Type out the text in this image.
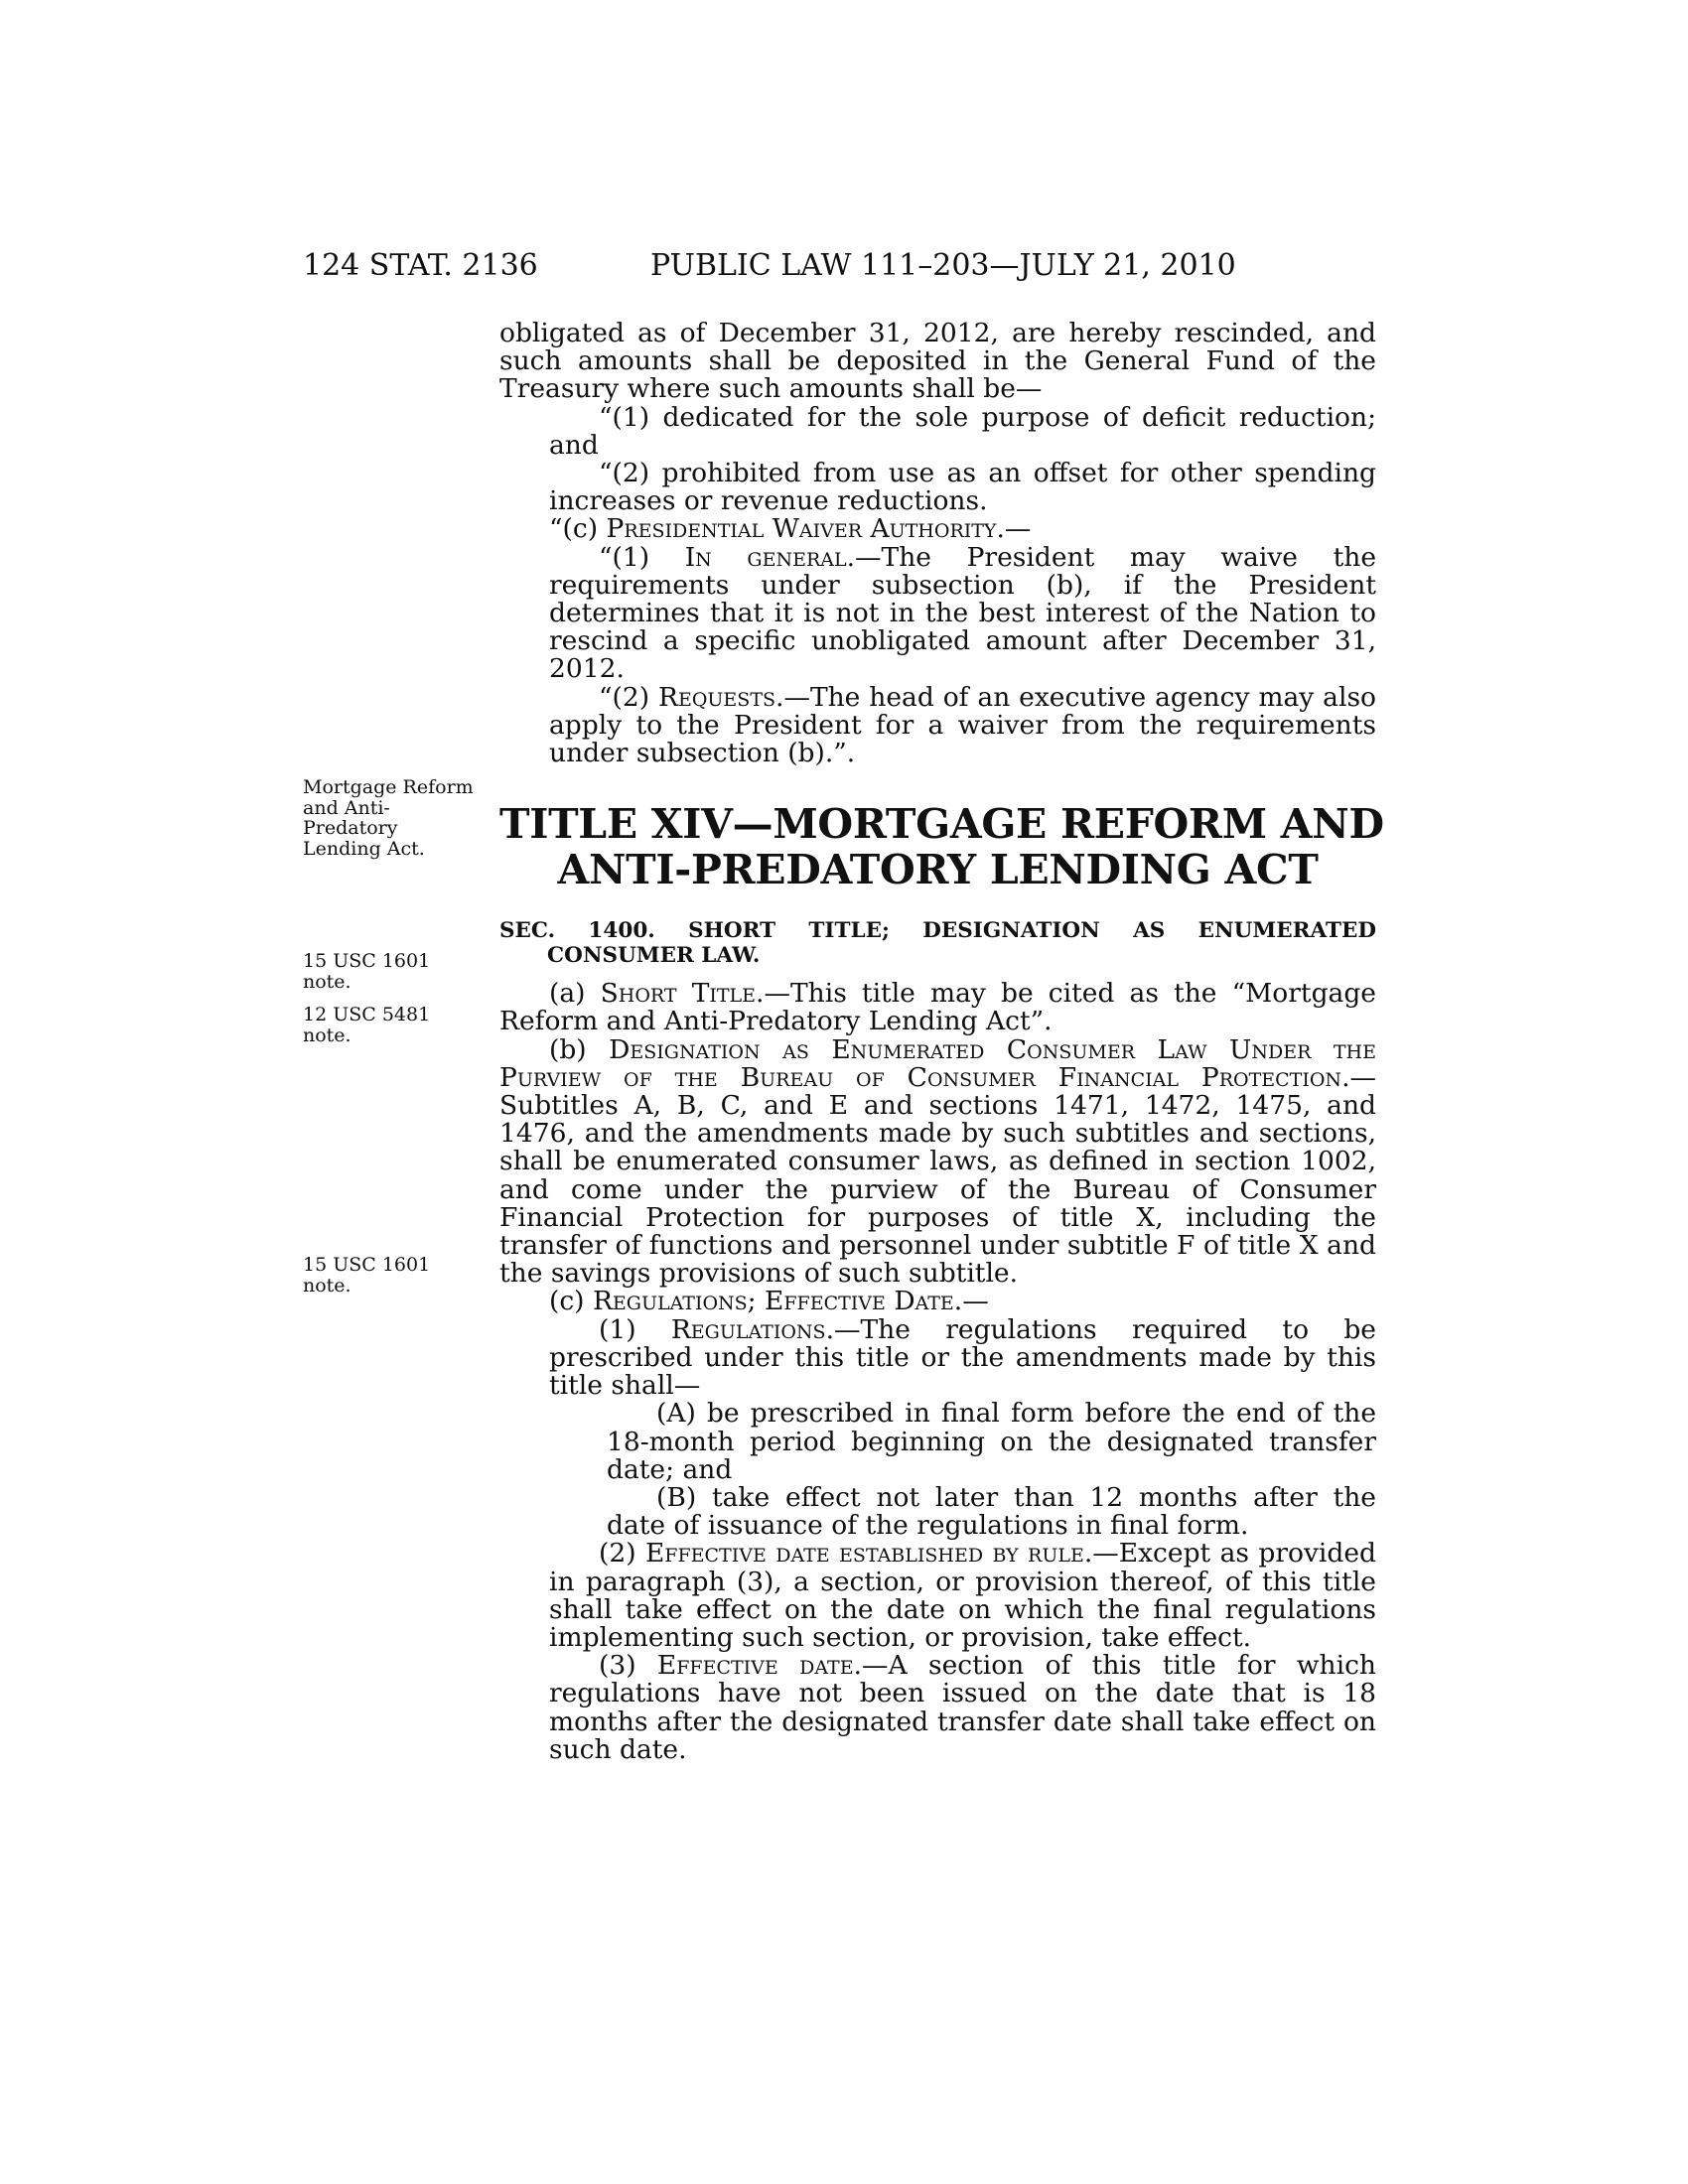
124 STAT. 2136	PUBLIC LAW 111–203—JULY 21, 2010
Mortgage Reform and Anti-Predatory Lending Act.
15 USC 1601 note.
12 USC 5481 note.
15 USC 1601 note.

obligated as of December 31, 2012, are hereby rescinded, and such amounts shall be deposited in the General Fund of the Treasury where such amounts shall be—

“(1) dedicated for the sole purpose of deficit reduction; and

“(2) prohibited from use as an offset for other spending increases or revenue reductions.

“(c) Presidential Waiver Authority.—

“(1) In general.—The President may waive the requirements under subsection (b), if the President determines that it is not in the best interest of the Nation to rescind a specific unobligated amount after December 31, 2012.

“(2) Requests.—The head of an executive agency may also apply to the President for a waiver from the requirements under subsection (b).”.

TITLE XIV—MORTGAGE REFORM AND
ANTI-PREDATORY LENDING ACT
SEC. 1400. SHORT TITLE; DESIGNATION AS ENUMERATED CONSUMER LAW.

(a) Short Title.—This title may be cited as the “Mortgage Reform and Anti-Predatory Lending Act”.

(b) Designation as Enumerated Consumer Law Under the Purview of the Bureau of Consumer Financial Protection.— Subtitles A, B, C, and E and sections 1471, 1472, 1475, and 1476, and the amendments made by such subtitles and sections, shall be enumerated consumer laws, as defined in section 1002, and come under the purview of the Bureau of Consumer Financial Protection for purposes of title X, including the transfer of functions and personnel under subtitle F of title X and the savings provisions of such subtitle.

(c) Regulations; Effective Date.—

(1) Regulations.—The regulations required to be prescribed under this title or the amendments made by this title shall—

(A) be prescribed in final form before the end of the 18-month period beginning on the designated transfer date; and

(B) take effect not later than 12 months after the date of issuance of the regulations in final form.

(2) Effective date established by rule.—Except as provided in paragraph (3), a section, or provision thereof, of this title shall take effect on the date on which the final regulations implementing such section, or provision, take effect.

(3) Effective date.—A section of this title for which regulations have not been issued on the date that is 18 months after the designated transfer date shall take effect on such date.
